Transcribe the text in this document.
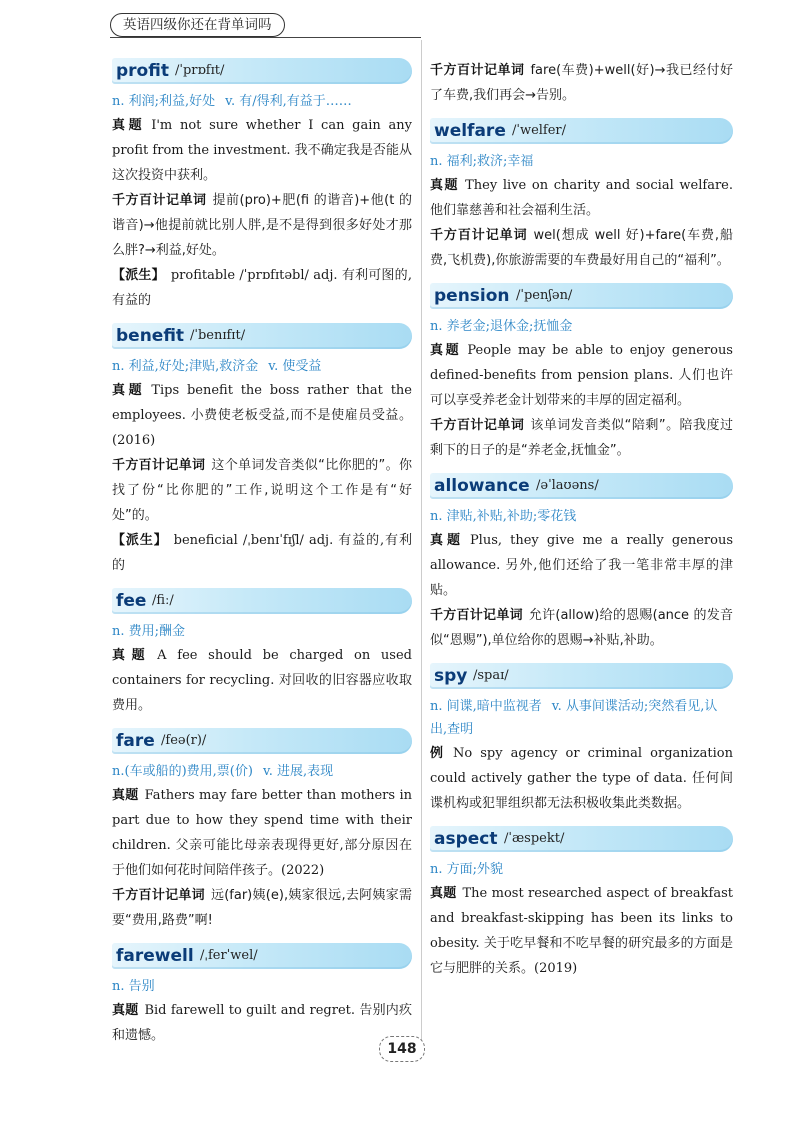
英语四级你还在背单词吗
profit /ˈprɒfɪt/
n. 利润;利益,好处 v. 有/得利,有益于……

真题 I'm not sure whether I can gain any profit from the investment. 我不确定我是否能从这次投资中获利。

千方百计记单词 提前(pro)+肥(fi 的谐音)+他(t 的谐音)→他提前就比别人胖,是不是得到很多好处才那么胖?→利益,好处。

【派生】 profitable /ˈprɒfɪtəbl/ adj. 有利可图的,有益的

benefit /ˈbenɪfɪt/
n. 利益,好处;津贴,救济金 v. 使受益

真题 Tips benefit the boss rather that the employees. 小费使老板受益,而不是使雇员受益。(2016)

千方百计记单词 这个单词发音类似“比你肥的”。你找了份“比你肥的”工作,说明这个工作是有“好处”的。

【派生】 beneficial /ˌbenɪˈfɪʃl/ adj. 有益的,有利的

fee /fiː/
n. 费用;酬金

真题 A fee should be charged on used containers for recycling. 对回收的旧容器应收取费用。

fare /feə(r)/
n.(车或船的)费用,票(价) v. 进展,表现

真题 Fathers may fare better than mothers in part due to how they spend time with their children. 父亲可能比母亲表现得更好,部分原因在于他们如何花时间陪伴孩子。(2022)

千方百计记单词 远(far)姨(e),姨家很远,去阿姨家需要“费用,路费”啊!

farewell /ˌferˈwel/
n. 告别

真题 Bid farewell to guilt and regret. 告别内疚和遗憾。

千方百计记单词 fare(车费)+well(好)→我已经付好了车费,我们再会→告别。

welfare /ˈwelfer/
n. 福利;救济;幸福

真题 They live on charity and social welfare. 他们靠慈善和社会福利生活。

千方百计记单词 wel(想成 well 好)+fare(车费,船费,飞机费),你旅游需要的车费最好用自己的“福利”。

pension /ˈpenʃən/
n. 养老金;退休金;抚恤金

真题 People may be able to enjoy generous defined-benefits from pension plans. 人们也许可以享受养老金计划带来的丰厚的固定福利。

千方百计记单词 该单词发音类似“陪剩”。陪我度过剩下的日子的是“养老金,抚恤金”。

allowance /əˈlaʊəns/
n. 津贴,补贴,补助;零花钱

真题 Plus, they give me a really generous allowance. 另外,他们还给了我一笔非常丰厚的津贴。

千方百计记单词 允许(allow)给的恩赐(ance 的发音似“恩赐”),单位给你的恩赐→补贴,补助。

spy /spaɪ/
n. 间谍,暗中监视者 v. 从事间谍活动;突然看见,认出,查明

例 No spy agency or criminal organization could actively gather the type of data. 任何间谍机构或犯罪组织都无法积极收集此类数据。

aspect /ˈæspekt/
n. 方面;外貌

真题 The most researched aspect of breakfast and breakfast-skipping has been its links to obesity. 关于吃早餐和不吃早餐的研究最多的方面是它与肥胖的关系。(2019)

148
